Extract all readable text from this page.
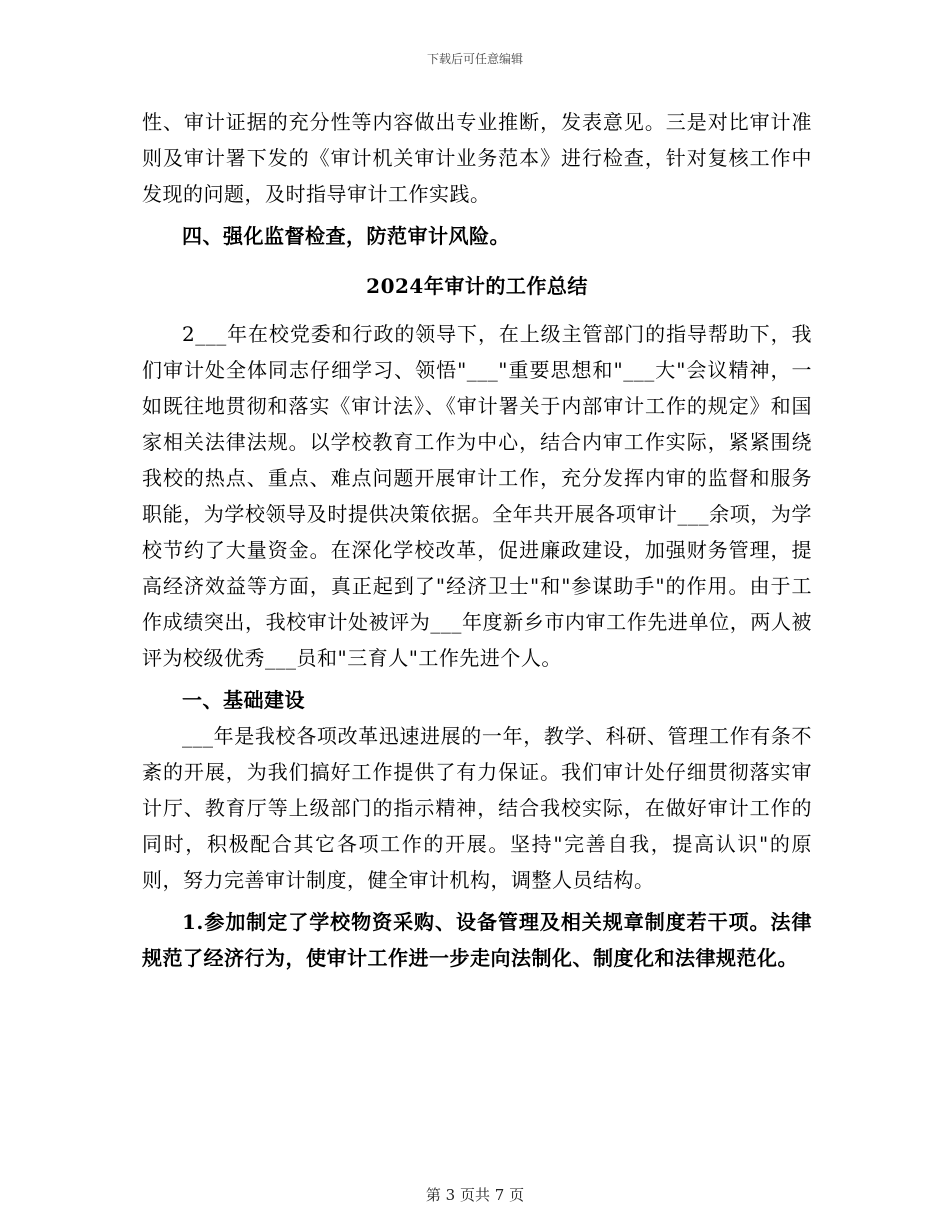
下载后可任意编辑

性、审计证据的充分性等内容做出专业推断，发表意见。三是对比审计准则及审计署下发的《审计机关审计业务范本》进行检查，针对复核工作中发现的问题，及时指导审计工作实践。

四、强化监督检查，防范审计风险。

2024年审计的工作总结

2___年在校党委和行政的领导下，在上级主管部门的指导帮助下，我们审计处全体同志仔细学习、领悟"___"重要思想和"___大"会议精神，一如既往地贯彻和落实《审计法》、《审计署关于内部审计工作的规定》和国家相关法律法规。以学校教育工作为中心，结合内审工作实际，紧紧围绕我校的热点、重点、难点问题开展审计工作，充分发挥内审的监督和服务职能，为学校领导及时提供决策依据。全年共开展各项审计___余项，为学校节约了大量资金。在深化学校改革，促进廉政建设，加强财务管理，提高经济效益等方面，真正起到了"经济卫士"和"参谋助手"的作用。由于工作成绩突出，我校审计处被评为___年度新乡市内审工作先进单位，两人被评为校级优秀___员和"三育人"工作先进个人。

一、基础建设

___年是我校各项改革迅速进展的一年，教学、科研、管理工作有条不紊的开展，为我们搞好工作提供了有力保证。我们审计处仔细贯彻落实审计厅、教育厅等上级部门的指示精神，结合我校实际，在做好审计工作的同时，积极配合其它各项工作的开展。坚持"完善自我，提高认识"的原则，努力完善审计制度，健全审计机构，调整人员结构。

1.参加制定了学校物资采购、设备管理及相关规章制度若干项。法律规范了经济行为，使审计工作进一步走向法制化、制度化和法律规范化。

第 3 页共 7 页
